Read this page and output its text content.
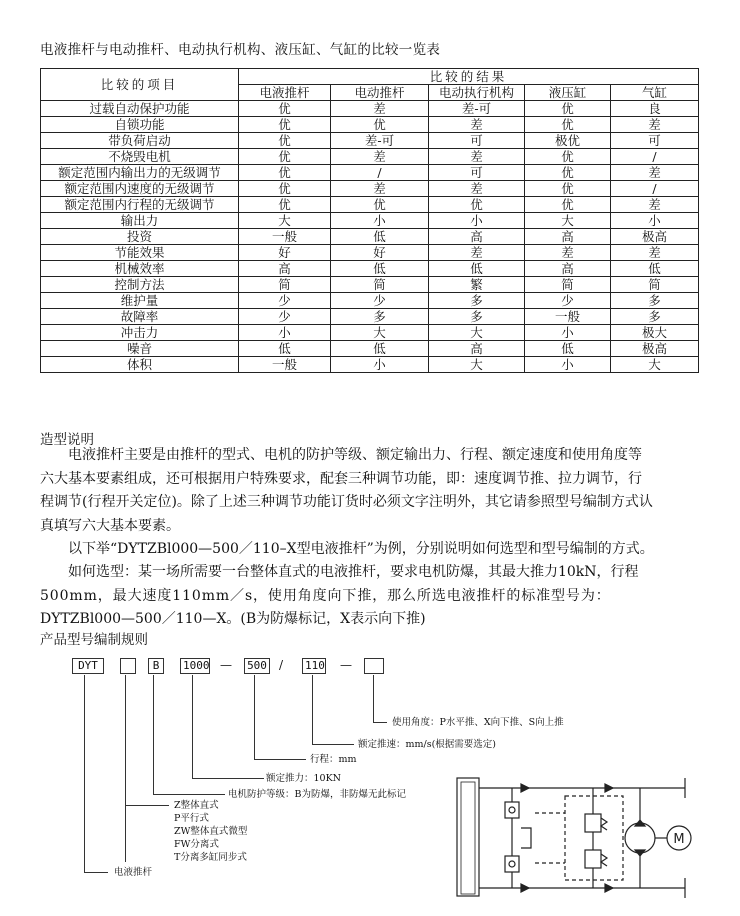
电液推杆与电动推杆、电动执行机构、液压缸、气缸的比较一览表
比较的项目	比较的结果				
	电液推杆	电动推杆	电动执行机构	液压缸	气缸
过载自动保护功能	优	差	差-可	优	良
自锁功能	优	优	差	优	差
带负荷启动	优	差-可	可	极优	可
不烧毁电机	优	差	差	优	/
额定范围内输出力的无级调节	优	/	可	优	差
额定范围内速度的无级调节	优	差	差	优	/
额定范围内行程的无级调节	优	优	优	优	差
输出力	大	小	小	大	小
投资	一般	低	高	高	极高
节能效果	好	好	差	差	差
机械效率	高	低	低	高	低
控制方法	简	简	繁	简	简
维护量	少	少	多	少	多
故障率	少	多	多	一般	多
冲击力	小	大	大	小	极大
噪音	低	低	高	低	极高
体积	一般	小	大	小	大
造型说明
电液推杆主要是由推杆的型式、电机的防护等级、额定输出力、行程、额定速度和使用角度等
六大基本要素组成，还可根据用户特殊要求，配套三种调节功能，即：速度调节推、拉力调节，行
程调节(行程开关定位)。除了上述三种调节功能订货时必须文字注明外，其它请参照型号编制方式认
真填写六大基本要素。
以下举“DYTZBl000—500／110–X型电液推杆”为例，分别说明如何选型和型号编制的方式。
如何选型：某一场所需要一台整体直式的电液推杆，要求电机防爆，其最大推力10kN，行程
500mm，最大速度110mm／s，使用角度向下推，那么所选电液推杆的标准型号为：
DYTZBl000—500／110—X。(B为防爆标记，X表示向下推)
产品型号编制规则
DYT	B	1000 — 500 / 110 —
使用角度：P水平推、X向下推、S向上推
额定推速：mm/s(根据需要选定)
行程：mm
额定推力：10KN
电机防护等级：B为防爆，非防爆无此标记
Z整体直式
P平行式
ZW整体直式微型
FW分离式
T分离多缸同步式
电液推杆
M
